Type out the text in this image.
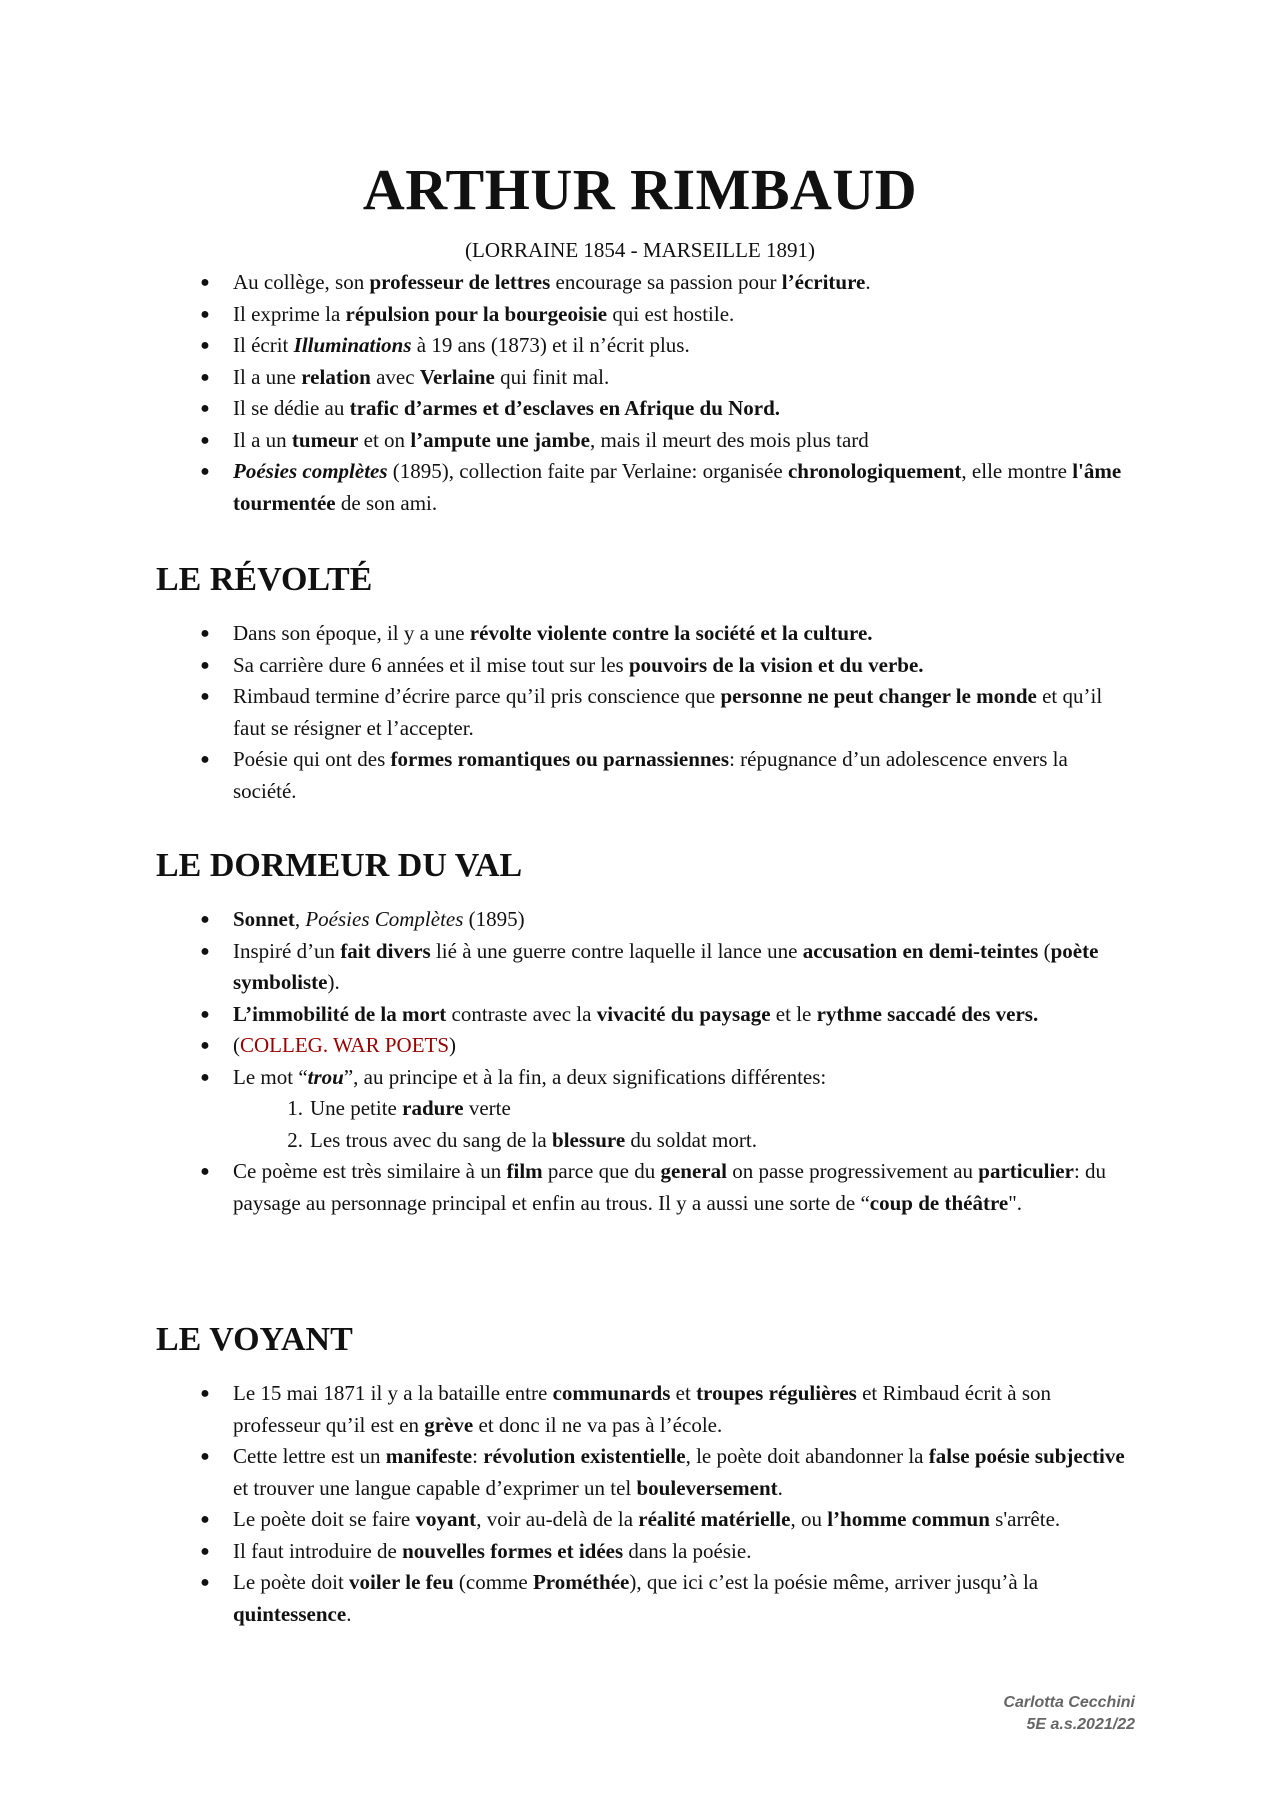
ARTHUR RIMBAUD

(LORRAINE 1854 - MARSEILLE 1891)

● Au collège, son professeur de lettres encourage sa passion pour l’écriture.
● Il exprime la répulsion pour la bourgeoisie qui est hostile.
● Il écrit Illuminations à 19 ans (1873) et il n’écrit plus.
● Il a une relation avec Verlaine qui finit mal.
● Il se dédie au trafic d’armes et d’esclaves en Afrique du Nord.
● Il a un tumeur et on l’ampute une jambe, mais il meurt des mois plus tard
● Poésies complètes (1895), collection faite par Verlaine: organisée chronologiquement, elle montre l'âme tourmentée de son ami.
LE RÉVOLTÉ
● Dans son époque, il y a une révolte violente contre la société et la culture.
● Sa carrière dure 6 années et il mise tout sur les pouvoirs de la vision et du verbe.
● Rimbaud termine d’écrire parce qu’il pris conscience que personne ne peut changer le monde et qu’il faut se résigner et l’accepter.
● Poésie qui ont des formes romantiques ou parnassiennes: répugnance d’un adolescence envers la société.
LE DORMEUR DU VAL
● Sonnet, Poésies Complètes (1895)
● Inspiré d’un fait divers lié à une guerre contre laquelle il lance une accusation en demi-teintes (poète symboliste).
● L’immobilité de la mort contraste avec la vivacité du paysage et le rythme saccadé des vers.
● (COLLEG. WAR POETS)
● Le mot “trou”, au principe et à la fin, a deux significations différentes:
1. Une petite radure verte
2. Les trous avec du sang de la blessure du soldat mort.
● Ce poème est très similaire à un film parce que du general on passe progressivement au particulier: du paysage au personnage principal et enfin au trous. Il y a aussi une sorte de “coup de théâtre".
LE VOYANT
● Le 15 mai 1871 il y a la bataille entre communards et troupes régulières et Rimbaud écrit à son professeur qu’il est en grève et donc il ne va pas à l’école.
● Cette lettre est un manifeste: révolution existentielle, le poète doit abandonner la false poésie subjective et trouver une langue capable d’exprimer un tel bouleversement.
● Le poète doit se faire voyant, voir au-delà de la réalité matérielle, ou l’homme commun s'arrête.
● Il faut introduire de nouvelles formes et idées dans la poésie.
● Le poète doit voiler le feu (comme Prométhée), que ici c’est la poésie même, arriver jusqu’à la quintessence.
Carlotta Cecchini
5E a.s.2021/22
